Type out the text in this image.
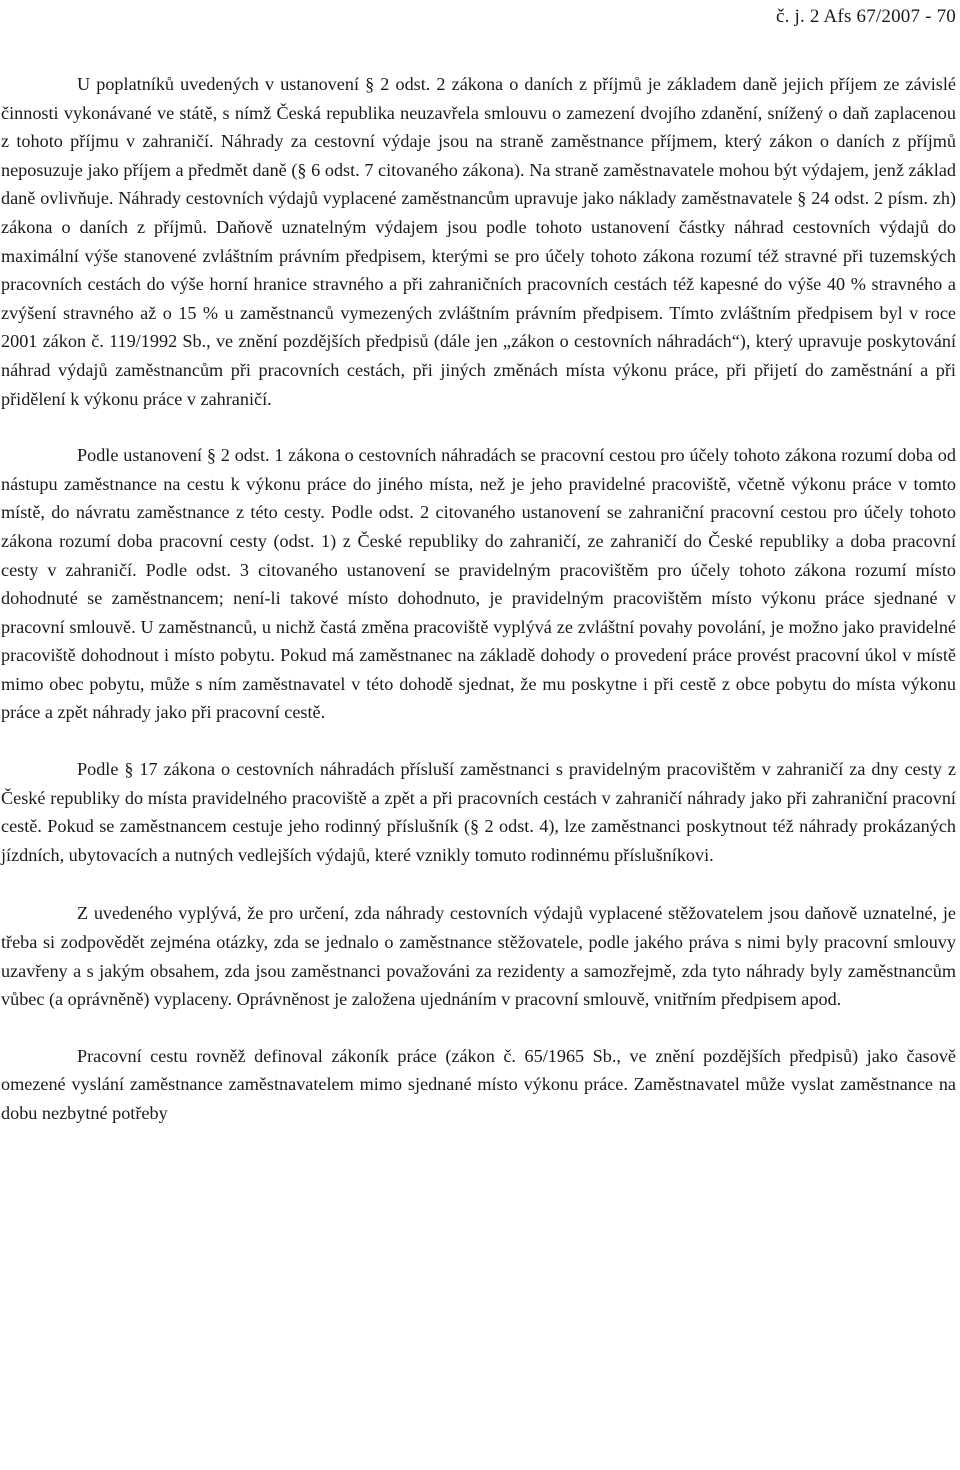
č. j. 2 Afs 67/2007 - 70

U poplatníků uvedených v ustanovení § 2 odst. 2 zákona o daních z příjmů je základem daně jejich příjem ze závislé činnosti vykonávané ve státě, s nímž Česká republika neuzavřela smlouvu o zamezení dvojího zdanění, snížený o daň zaplacenou z tohoto příjmu v zahraničí. Náhrady za cestovní výdaje jsou na straně zaměstnance příjmem, který zákon o daních z příjmů neposuzuje jako příjem a předmět daně (§ 6 odst. 7 citovaného zákona). Na straně zaměstnavatele mohou být výdajem, jenž základ daně ovlivňuje. Náhrady cestovních výdajů vyplacené zaměstnancům upravuje jako náklady zaměstnavatele § 24 odst. 2 písm. zh) zákona o daních z příjmů. Daňově uznatelným výdajem jsou podle tohoto ustanovení částky náhrad cestovních výdajů do maximální výše stanovené zvláštním právním předpisem, kterými se pro účely tohoto zákona rozumí též stravné při tuzemských pracovních cestách do výše horní hranice stravného a při zahraničních pracovních cestách též kapesné do výše 40 % stravného a zvýšení stravného až o 15 % u zaměstnanců vymezených zvláštním právním předpisem. Tímto zvláštním předpisem byl v roce 2001 zákon č. 119/1992 Sb., ve znění pozdějších předpisů (dále jen „zákon o cestovních náhradách“), který upravuje poskytování náhrad výdajů zaměstnancům při pracovních cestách, při jiných změnách místa výkonu práce, při přijetí do zaměstnání a při přidělení k výkonu práce v zahraničí.

Podle ustanovení § 2 odst. 1 zákona o cestovních náhradách se pracovní cestou pro účely tohoto zákona rozumí doba od nástupu zaměstnance na cestu k výkonu práce do jiného místa, než je jeho pravidelné pracoviště, včetně výkonu práce v tomto místě, do návratu zaměstnance z této cesty. Podle odst. 2 citovaného ustanovení se zahraniční pracovní cestou pro účely tohoto zákona rozumí doba pracovní cesty (odst. 1) z České republiky do zahraničí, ze zahraničí do České republiky a doba pracovní cesty v zahraničí. Podle odst. 3 citovaného ustanovení se pravidelným pracovištěm pro účely tohoto zákona rozumí místo dohodnuté se zaměstnancem; není-li takové místo dohodnuto, je pravidelným pracovištěm místo výkonu práce sjednané v pracovní smlouvě. U zaměstnanců, u nichž častá změna pracoviště vyplývá ze zvláštní povahy povolání, je možno jako pravidelné pracoviště dohodnout i místo pobytu. Pokud má zaměstnanec na základě dohody o provedení práce provést pracovní úkol v místě mimo obec pobytu, může s ním zaměstnavatel v této dohodě sjednat, že mu poskytne i při cestě z obce pobytu do místa výkonu práce a zpět náhrady jako při pracovní cestě.

Podle § 17 zákona o cestovních náhradách přísluší zaměstnanci s pravidelným pracovištěm v zahraničí za dny cesty z České republiky do místa pravidelného pracoviště a zpět a při pracovních cestách v zahraničí náhrady jako při zahraniční pracovní cestě. Pokud se zaměstnancem cestuje jeho rodinný příslušník (§ 2 odst. 4), lze zaměstnanci poskytnout též náhrady prokázaných jízdních, ubytovacích a nutných vedlejších výdajů, které vznikly tomuto rodinnému příslušníkovi.

Z uvedeného vyplývá, že pro určení, zda náhrady cestovních výdajů vyplacené stěžovatelem jsou daňově uznatelné, je třeba si zodpovědět zejména otázky, zda se jednalo o zaměstnance stěžovatele, podle jakého práva s nimi byly pracovní smlouvy uzavřeny a s jakým obsahem, zda jsou zaměstnanci považováni za rezidenty a samozřejmě, zda tyto náhrady byly zaměstnancům vůbec (a oprávněně) vyplaceny. Oprávněnost je založena ujednáním v pracovní smlouvě, vnitřním předpisem apod.

Pracovní cestu rovněž definoval zákoník práce (zákon č. 65/1965 Sb., ve znění pozdějších předpisů) jako časově omezené vyslání zaměstnance zaměstnavatelem mimo sjednané místo výkonu práce. Zaměstnavatel může vyslat zaměstnance na dobu nezbytné potřeby
